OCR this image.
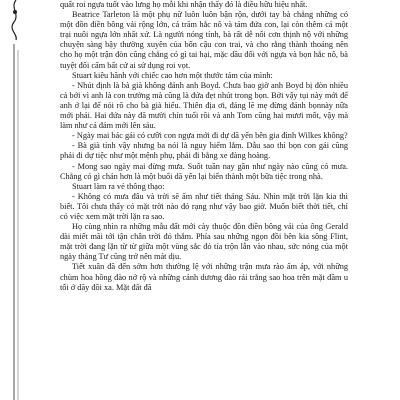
quất roi ngựa tuốt vào lưng họ mỗi khi nhận thấy đó là điều hữu hiệu nhất.

Beatrice Tarleton là một phụ nữ luôn luôn bận rộn, dưới tay bà chẳng những có một đồn điền bông vải rộng lớn, cả trăm hắc nô và tám đứa con, lại còn thêm cả một trại nuôi ngựa lớn nhất xứ. Là người nóng tính, bà rất dễ nổi cơn thịnh nộ với những chuyện sàng bậy thường xuyên của bốn cậu con trai, và cho rằng thành thoảng nên cho họ một trận đòn cũng chẳng có gì tai hại, mặc dầu đối với ngựa và bọn hắc nô, bà tuyệt đối cấm bất cứ ai sử dụng roi vọt.

Stuart kiêu hãnh với chiếc cao hơn một thước tám của mình:

- Nhút định là bà già không đánh anh Boyd. Chưa bao giờ anh Boyd bị đòn nhiều cả bởi vì anh là con trưởng mà cũng là đứa đẹt nhút trong bọn. Bởi vậy tụi này mới để anh ở lại để nói rõ cho bà già hiểu. Thiên địa ơi, đáng lẽ mẹ đừng đánh bọnnày nữa mới phải. Hai đứa này đã mười chín tuổi rồi và anh Tom cũng hai mươi mốt, vậy mà làm như cả đám mới lên sáu.

- Ngày mai bác gái có cưỡi con ngựa mới đi dự dã yến bên gia đình Wilkes không?

- Bà già tính vậy nhưng ba nói là nguy hiểm lắm. Dẫu sao thì bọn con gái cũng phải đi dự tiệc như một mệnh phụ, phải đi bằng xe đàng hoàng.

- Mong sao ngày mai đừng mưa. Suốt tuần nay gần như ngày nào cũng có mưa. Chẳng có gì chán hơn là một buổi dã yến lại biến thành một bữa tiệc trong nhà.

Stuart làm ra vẻ thông thạo:

- Không có mưa đâu và trời sẽ ấm như tiết tháng Sáu. Nhìn mặt trời lặn kia thì biết. Tôi chưa thấy có mặt trời nào đỏ rạng như vậy bao giờ. Muốn biết thời tiết, chỉ có việc xem mặt trời lặn ra sao.

Họ cùng nhìn ra những mẫu đất mới cày thuộc đồn điền bông vải của ông Gerald dài miết mãi tới tận chân trời đỏ thắm. Phía sau những ngọn đồi bên kia sông Flint, mặt trời đang lặn từ từ giữa một vùng sắc đỏ tía trộn lẫn vào nhau, sức nóng của một ngày tháng Tư cũng trở nên mát dịu.

Tiết xuân đã đến sớm hơn thường lệ với những trận mưa rào ấm áp, với những chùm hoa hồng đào nở rộ và những cánh dương đào rải trắng sao hoa trên mặt đầm u tối ở dãy đồi xa. Mặt đất đã
